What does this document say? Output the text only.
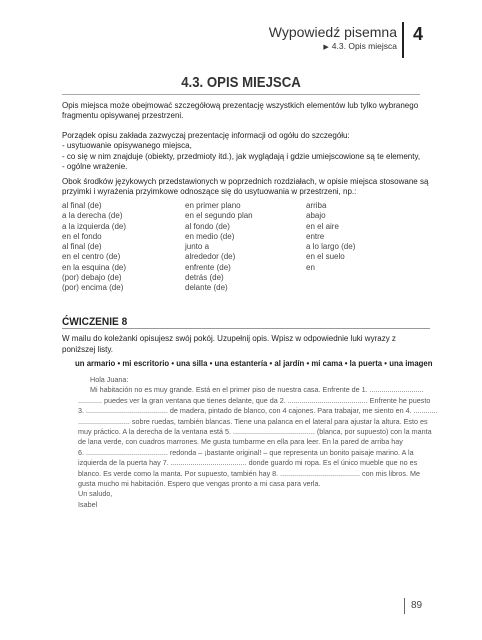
Wypowiedź pisemna
▶ 4.3. Opis miejsca
4
4.3. OPIS MIEJSCA
Opis miejsca może obejmować szczegółową prezentację wszystkich elementów lub tylko wybranego fragmentu opisywanej przestrzeni.
Porządek opisu zakłada zazwyczaj prezentację informacji od ogółu do szczegółu:
- usytuowanie opisywanego miejsca,
- co się w nim znajduje (obiekty, przedmioty itd.), jak wyglądają i gdzie umiejscowione są te elementy,
- ogólne wrażenie.
Obok środków językowych przedstawionych w poprzednich rozdziałach, w opisie miejsca stosowane są przyimki i wyrażenia przyimkowe odnoszące się do usytuowania w przestrzeni, np.:
al final (de)
a la derecha (de)
a la izquierda (de)
en el fondo
al final (de)
en el centro (de)
en la esquina (de)
(por) debajo (de)
(por) encima (de)
en primer plano
en el segundo plan
al fondo (de)
en medio (de)
junto a
alrededor (de)
enfrente (de)
detrás (de)
delante (de)
arriba
abajo
en el aire
entre
a lo largo (de)
en el suelo
en
ĆWICZENIE 8
W mailu do koleżanki opisujesz swój pokój. Uzupełnij opis. Wpisz w odpowiednie luki wyrazy z poniższej listy.
un armario • mi escritorio • una silla • una estantería • al jardín • mi cama • la puerta • una imagen
Hola Juana:
Mi habitación no es muy grande. Está en el primer piso de nuestra casa. Enfrente de 1. ...........................
............ puedes ver la gran ventana que tienes delante, que da 2. ........................................ Enfrente he puesto
3. ......................................... de madera, pintado de blanco, con 4 cajones. Para trabajar, me siento en 4. ............
.......................... sobre ruedas, también blancas. Tiene una palanca en el lateral para ajustar la altura. Esto es
muy práctico. A la derecha de la ventana está 5. ......................................... (blanca, por supuesto) con la manta
de lana verde, con cuadros marrones. Me gusta tumbarme en ella para leer. En la pared de arriba hay
6. ......................................... redonda – ¡bastante original! – que representa un bonito paisaje marino. A la
izquierda de la puerta hay 7. ...................................... donde guardo mi ropa. Es el único mueble que no es
blanco. Es verde como la manta. Por supuesto, también hay 8. ........................................ con mis libros. Me
gusta mucho mi habitación. Espero que vengas pronto a mi casa para verla.
Un saludo,
Isabel
89
